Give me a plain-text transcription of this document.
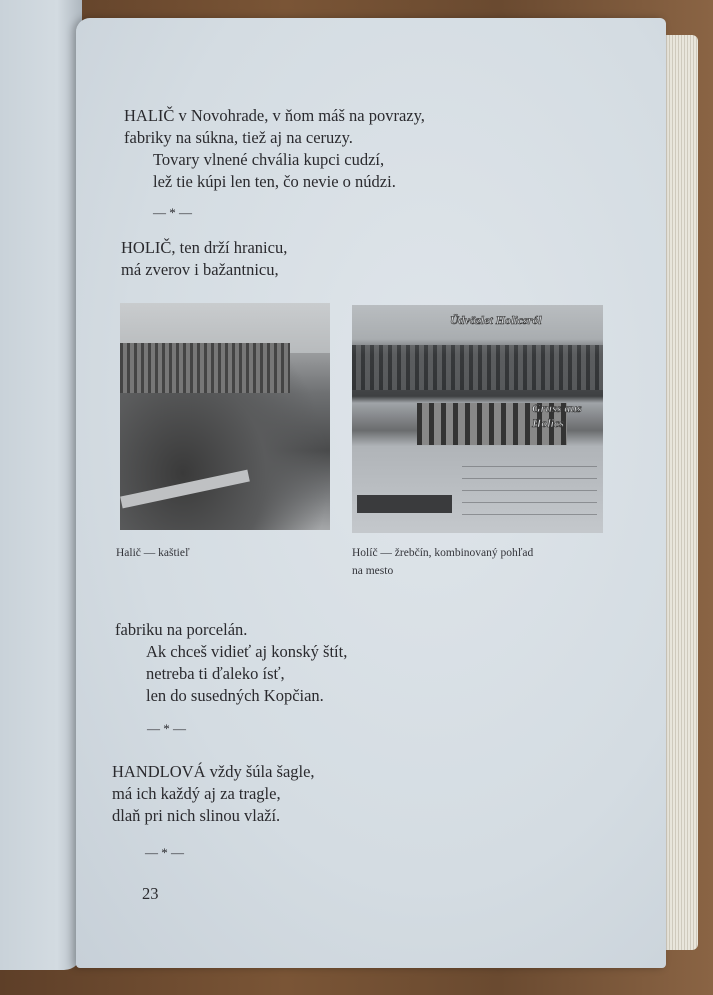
HALIČ v Novohrade, v ňom máš na povrazy,
fabriky na súkna, tiež aj na ceruzy.
Tovary vlnené chvália kupci cudzí,
lež tie kúpi len ten, čo nevie o núdzi.
— * —
HOLIČ, ten drží hranicu,
má zverov i bažantnicu,
Üdvözlet Holicsról
Gruss aus Holics
Halič — kaštieľ	Holíč — žrebčín, kombinovaný pohľad
na mesto
fabriku na porcelán.
Ak chceš vidieť aj konský štít,
netreba ti ďaleko ísť,
len do susedných Kopčian.
— * —
HANDLOVÁ vždy šúla šagle,
má ich každý aj za tragle,
dlaň pri nich slinou vlaží.
— * —
23
